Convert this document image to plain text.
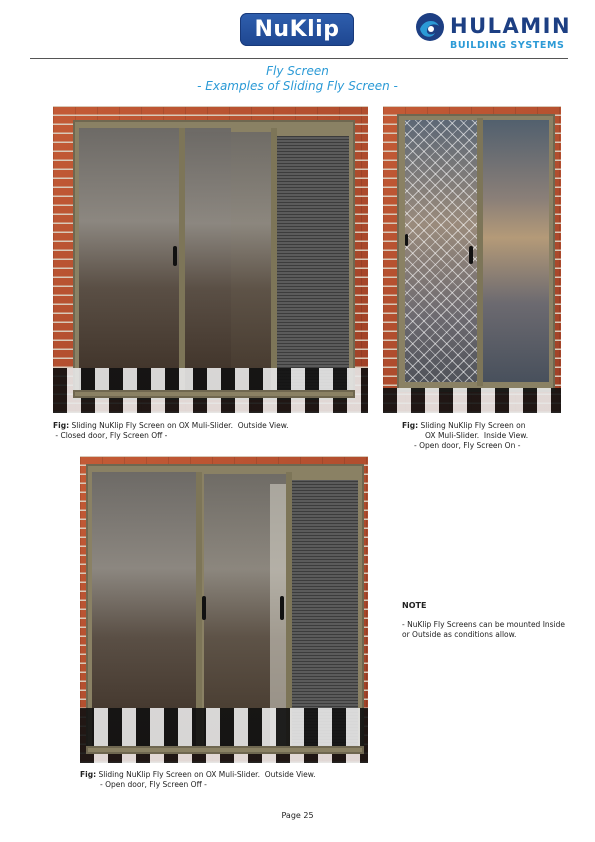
NuKlip	HULAMIN
BUILDING SYSTEMS
Fly Screen
- Examples of Sliding Fly Screen -
Fig: Sliding NuKlip Fly Screen on OX Muli-Slider.  Outside View.
- Closed door, Fly Screen Off -
Fig: Sliding NuKlip Fly Screen on
OX Muli-Slider.  Inside View.
- Open door, Fly Screen On -
Fig: Sliding NuKlip Fly Screen on OX Muli-Slider.  Outside View.
- Open door, Fly Screen Off -
NOTE
- NuKlip Fly Screens can be mounted Inside or Outside as conditions allow.
Page 25
